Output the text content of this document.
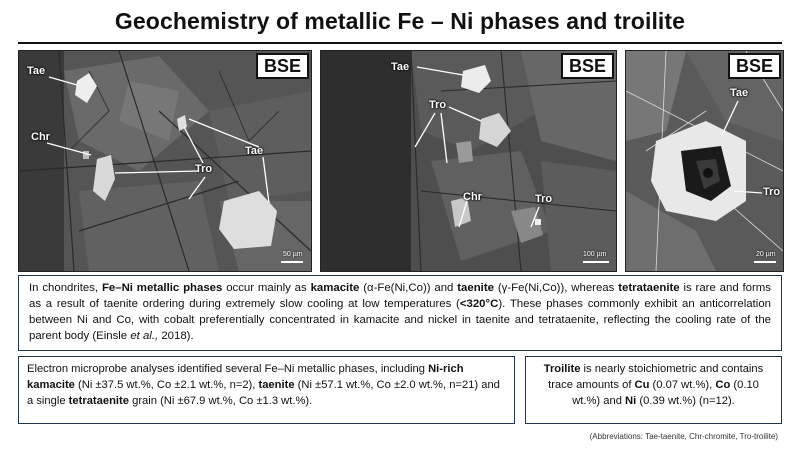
Geochemistry of metallic Fe – Ni phases and troilite
BSE
Tae
Chr
Tro
Tae
50 µm
BSE
Tae
Tro
Chr	Tro
100 µm
BSE
Tae
Tro
20 µm

In chondrites, Fe–Ni metallic phases occur mainly as kamacite (α-Fe(Ni,Co)) and taenite (γ-Fe(Ni,Co)), whereas tetrataenite is rare and forms as a result of taenite ordering during extremely slow cooling at low temperatures (<320°C). These phases commonly exhibit an anticorrelation between Ni and Co, with cobalt preferentially concentrated in kamacite and nickel in taenite and tetrataenite, reflecting the cooling rate of the parent body (Einsle et al., 2018).

Electron microprobe analyses identified several Fe–Ni metallic phases, including Ni-rich kamacite (Ni ±37.5 wt.%, Co ±2.1 wt.%, n=2), taenite (Ni ±57.1 wt.%, Co ±2.0 wt.%, n=21) and a single tetrataenite grain (Ni ±67.9 wt.%, Co ±1.3 wt.%).

Troilite is nearly stoichiometric and contains trace amounts of Cu (0.07 wt.%), Co (0.10 wt.%) and Ni (0.39 wt.%) (n=12).

(Abbreviations: Tae-taenite, Chr-chromite, Tro-troilite)
